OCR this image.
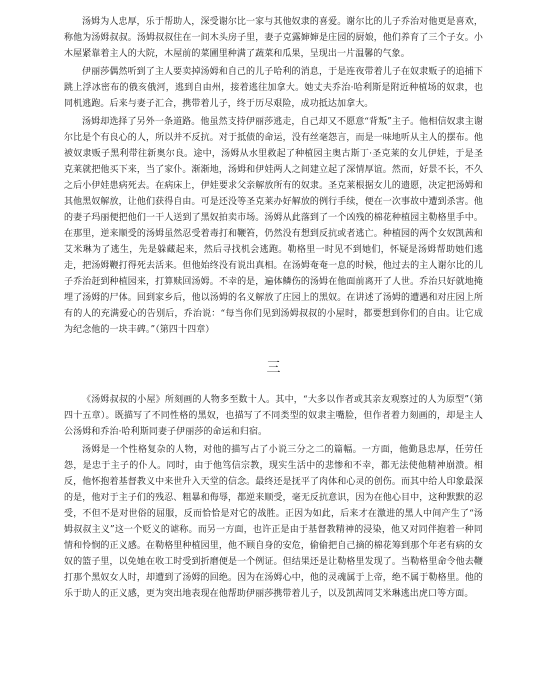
汤姆为人忠厚，乐于帮助人，深受谢尔比一家与其他奴隶的喜爱。谢尔比的儿子乔治对他更是喜欢，称他为汤姆叔叔。汤姆叔叔住在一间木头房子里，妻子克露婶婶是庄园的厨娘，他们养育了三个子女。小木屋紧靠着主人的大院，木屋前的菜圃里种满了蔬菜和瓜果，呈现出一片温馨的气象。

伊丽莎偶然听到了主人要卖掉汤姆和自己的儿子哈利的消息，于是连夜带着儿子在奴隶贩子的追捕下跳上浮冰密布的俄亥俄河，逃到自由州，接着逃往加拿大。她丈夫乔治·哈利斯是附近种植场的奴隶，也同机逃跑。后来与妻子汇合，携带着儿子，终于历尽艰险，成功抵达加拿大。

汤姆却选择了另外一条道路。他虽然支持伊丽莎逃走，自己却又不愿意“背叛”主子。他相信奴隶主谢尔比是个有良心的人，所以并不反抗。对于抵债的命运，没有丝毫怨言，而是一味地听从主人的摆布。他被奴隶贩子黑利带往新奥尔良。途中，汤姆从水里救起了种植园主奥古斯丁·圣克莱的女儿伊娃，于是圣克莱就把他买下来，当了家仆。渐渐地，汤姆和伊娃两人之间建立起了深情厚谊。然而，好景不长，不久之后小伊娃患病死去。在病床上，伊娃要求父亲解放所有的奴隶。圣克莱根据女儿的遗愿，决定把汤姆和其他黑奴解放，让他们获得自由。可是还没等圣克莱办好解放的例行手续，便在一次事故中遭到杀害。他的妻子玛丽便把他们一干人送到了黑奴拍卖市场。汤姆从此落到了一个凶残的棉花种植园主勒格里手中。在那里，逆来顺受的汤姆虽然忍受着毒打和鞭笞，仍然没有想到反抗或者逃亡。种植园的两个女奴凯茜和艾米琳为了逃生，先是躲藏起来，然后寻找机会逃跑。勒格里一时见不到她们，怀疑是汤姆帮助她们逃走，把汤姆鞭打得死去活来。但他始终没有说出真相。在汤姆奄奄一息的时候，他过去的主人谢尔比的儿子乔治赶到种植园来，打算赎回汤姆。不幸的是，遍体鳞伤的汤姆在他面前离开了人世。乔治只好就地掩埋了汤姆的尸体。回到家乡后，他以汤姆的名义解放了庄园上的黑奴。在讲述了汤姆的遭遇和对庄园上所有的人的充满爱心的告别后，乔治说：“每当你们见到汤姆叔叔的小屋时，都要想到你们的自由。让它成为纪念他的一块丰碑。”（第四十四章）

三

《汤姆叔叔的小屋》所刻画的人物多至数十人。其中，“大多以作者或其亲友观察过的人为原型”（第四十五章）。既描写了不同性格的黑奴，也描写了不同类型的奴隶主嘴脸，但作者着力刻画的，却是主人公汤姆和乔治·哈利斯同妻子伊丽莎的命运和归宿。

汤姆是一个性格复杂的人物，对他的描写占了小说三分之二的篇幅。一方面，他勤恳忠厚，任劳任怨，是忠于主子的仆人。同时，由于他笃信宗教，现实生活中的悲惨和不幸，都无法使他精神崩溃。相反，他怀抱着基督教义中来世升入天堂的信念。最终还是抚平了肉体和心灵的创伤。而其中给人印象最深的是，他对于主子们的残忍、粗暴和侮辱，都逆来顺受，毫无反抗意识，因为在他心目中，这种默默的忍受，不但不是对世俗的屈服，反而恰恰是对它的战胜。正因为如此，后来才在激进的黑人中间产生了“汤姆叔叔主义”这一个贬义的谑称。而另一方面，也许正是由于基督教精神的浸染，他又对同伴抱着一种同情和怜悯的正义感。在勒格里种植园里，他不顾自身的安危，偷偷把自己摘的棉花筹到那个年老有病的女奴的篮子里，以免她在收工时受到折磨便是一个例证。但结果还是让勒格里发现了。当勒格里命令他去鞭打那个黑奴女人时，却遭到了汤姆的回绝。因为在汤姆心中，他的灵魂属于上帝，绝不属于勒格里。他的乐于助人的正义感，更为突出地表现在他帮助伊丽莎携带着儿子，以及凯茜同艾米琳逃出虎口等方面。
